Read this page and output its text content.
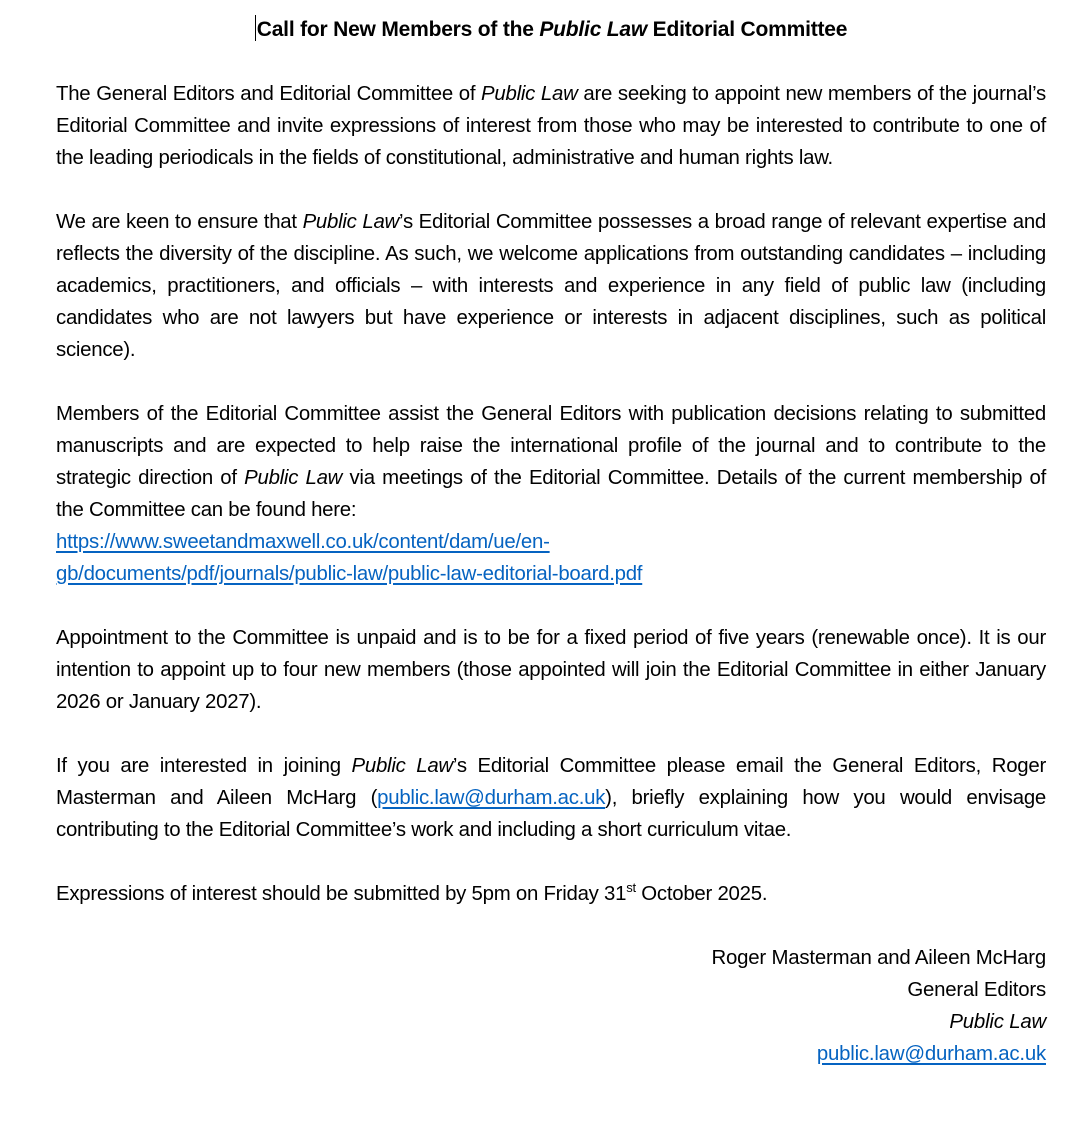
Call for New Members of the Public Law Editorial Committee

The General Editors and Editorial Committee of Public Law are seeking to appoint new members of the journal’s Editorial Committee and invite expressions of interest from those who may be interested to contribute to one of the leading periodicals in the fields of constitutional, administrative and human rights law.

We are keen to ensure that Public Law’s Editorial Committee possesses a broad range of relevant expertise and reflects the diversity of the discipline. As such, we welcome applications from outstanding candidates – including academics, practitioners, and officials – with interests and experience in any field of public law (including candidates who are not lawyers but have experience or interests in adjacent disciplines, such as political science).

Members of the Editorial Committee assist the General Editors with publication decisions relating to submitted manuscripts and are expected to help raise the international profile of the journal and to contribute to the strategic direction of Public Law via meetings of the Editorial Committee. Details of the current membership of the Committee can be found here:

https://www.sweetandmaxwell.co.uk/content/dam/ue/en-
gb/documents/pdf/journals/public-law/public-law-editorial-board.pdf

Appointment to the Committee is unpaid and is to be for a fixed period of five years (renewable once). It is our intention to appoint up to four new members (those appointed will join the Editorial Committee in either January 2026 or January 2027).

If you are interested in joining Public Law’s Editorial Committee please email the General Editors, Roger Masterman and Aileen McHarg (public.law@durham.ac.uk), briefly explaining how you would envisage contributing to the Editorial Committee’s work and including a short curriculum vitae.

Expressions of interest should be submitted by 5pm on Friday 31st October 2025.

Roger Masterman and Aileen McHarg
General Editors
Public Law
public.law@durham.ac.uk
